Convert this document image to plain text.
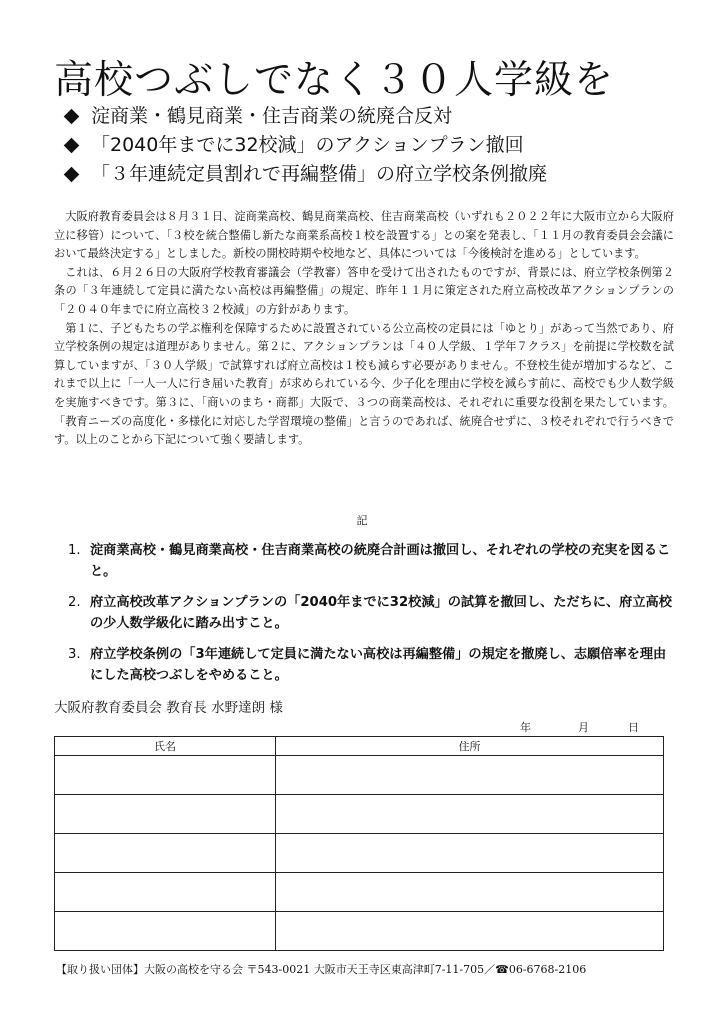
高校つぶしでなく３０人学級を
淀商業・鶴見商業・住吉商業の統廃合反対
「2040年までに32校減」のアクションプラン撤回
「３年連続定員割れで再編整備」の府立学校条例撤廃

大阪府教育委員会は８月３１日、淀商業高校、鶴見商業高校、住吉商業高校（いずれも２０２２年に大阪市立から大阪府立に移管）について、「３校を統合整備し新たな商業系高校１校を設置する」との案を発表し、「１１月の教育委員会会議において最終決定する」としました。新校の開校時期や校地など、具体については「今後検討を進める」としています。

これは、６月２６日の大阪府学校教育審議会（学教審）答申を受けて出されたものですが、背景には、府立学校条例第２条の「３年連続して定員に満たない高校は再編整備」の規定、昨年１１月に策定された府立高校改革アクションプランの「２０４０年までに府立高校３２校減」の方針があります。

第１に、子どもたちの学ぶ権利を保障するために設置されている公立高校の定員には「ゆとり」があって当然であり、府立学校条例の規定は道理がありません。第２に、アクションプランは「４０人学級、１学年７クラス」を前提に学校数を試算していますが、「３０人学級」で試算すれば府立高校は１校も減らす必要がありません。不登校生徒が増加するなど、これまで以上に「一人一人に行き届いた教育」が求められている今、少子化を理由に学校を減らす前に、高校でも少人数学級を実施すべきです。第３に、「商いのまち・商都」大阪で、３つの商業高校は、それぞれに重要な役割を果たしています。「教育ニーズの高度化・多様化に対応した学習環境の整備」と言うのであれば、統廃合せずに、３校それぞれで行うべきです。以上のことから下記について強く要請します。

記
1. 淀商業高校・鶴見商業高校・住吉商業高校の統廃合計画は撤回し、それぞれの学校の充実を図ること。
2. 府立高校改革アクションプランの「2040年までに32校減」の試算を撤回し、ただちに、府立高校の少人数学級化に踏み出すこと。
3. 府立学校条例の「3年連続して定員に満たない高校は再編整備」の規定を撤廃し、志願倍率を理由にした高校つぶしをやめること。
大阪府教育委員会 教育長 水野達朗 様
年	月	日
氏名	住所

【取り扱い団体】大阪の高校を守る会 〒543-0021 大阪市天王寺区東高津町7-11-705／☎06-6768-2106
